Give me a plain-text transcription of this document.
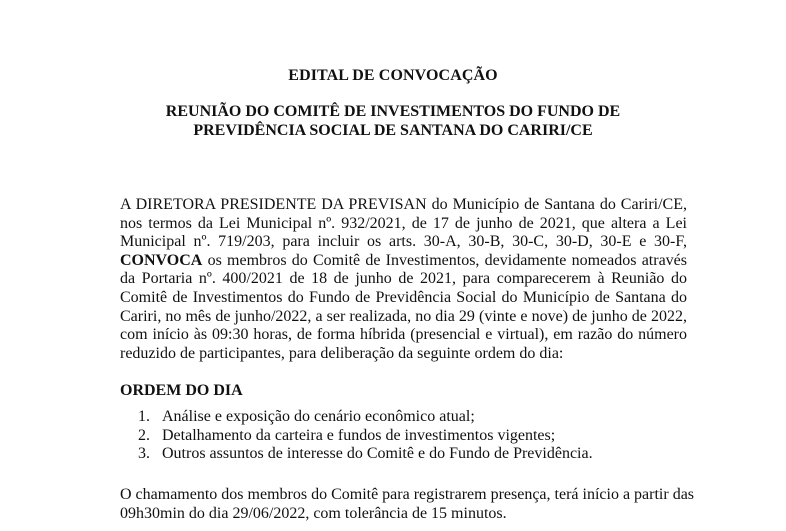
EDITAL DE CONVOCAÇÃO
REUNIÃO DO COMITÊ DE INVESTIMENTOS DO FUNDO DE
PREVIDÊNCIA SOCIAL DE SANTANA DO CARIRI/CE
A DIRETORA PRESIDENTE DA PREVISAN do Município de Santana do Cariri/CE,
nos termos da Lei Municipal nº. 932/2021, de 17 de junho de 2021, que altera a Lei
Municipal nº. 719/203, para incluir os arts. 30-A, 30-B, 30-C, 30-D, 30-E e 30-F,
CONVOCA os membros do Comitê de Investimentos, devidamente nomeados através
da Portaria nº. 400/2021 de 18 de junho de 2021, para comparecerem à Reunião do
Comitê de Investimentos do Fundo de Previdência Social do Município de Santana do
Cariri, no mês de junho/2022, a ser realizada, no dia 29 (vinte e nove) de junho de 2022,
com início às 09:30 horas, de forma híbrida (presencial e virtual), em razão do número
reduzido de participantes, para deliberação da seguinte ordem do dia:
ORDEM DO DIA
1. Análise e exposição do cenário econômico atual;
2. Detalhamento da carteira e fundos de investimentos vigentes;
3. Outros assuntos de interesse do Comitê e do Fundo de Previdência.
O chamamento dos membros do Comitê para registrarem presença, terá início a partir das
09h30min do dia 29/06/2022, com tolerância de 15 minutos.
